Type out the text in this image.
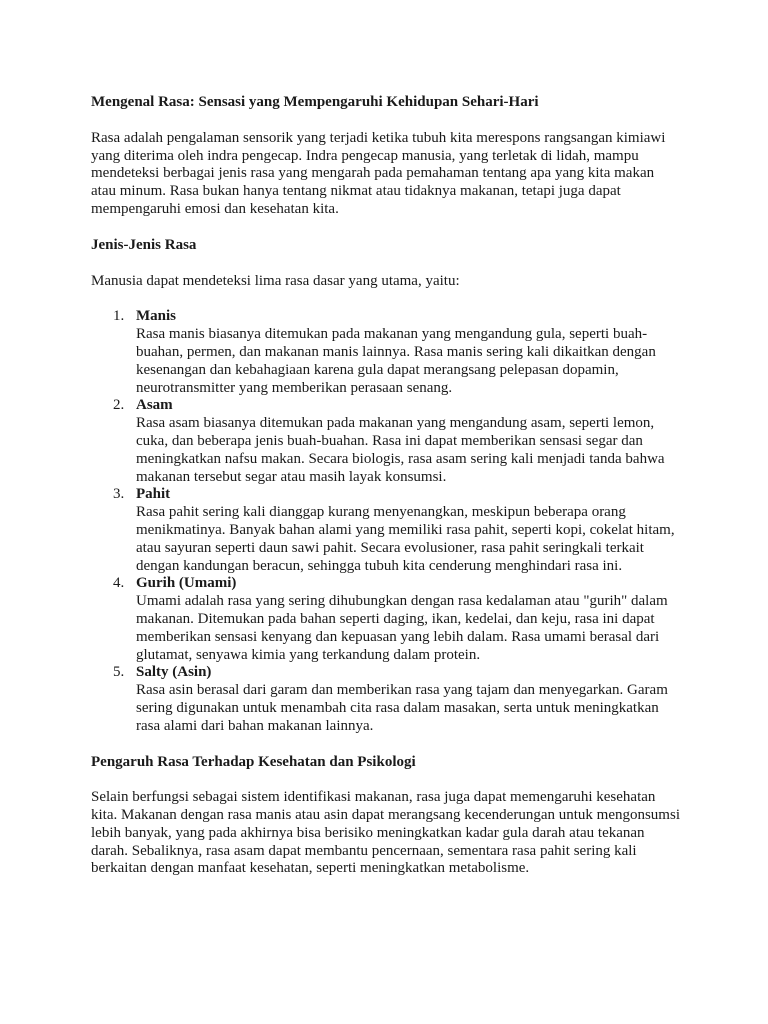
Mengenal Rasa: Sensasi yang Mempengaruhi Kehidupan Sehari-Hari

Rasa adalah pengalaman sensorik yang terjadi ketika tubuh kita merespons rangsangan kimiawi yang diterima oleh indra pengecap. Indra pengecap manusia, yang terletak di lidah, mampu mendeteksi berbagai jenis rasa yang mengarah pada pemahaman tentang apa yang kita makan atau minum. Rasa bukan hanya tentang nikmat atau tidaknya makanan, tetapi juga dapat mempengaruhi emosi dan kesehatan kita.

Jenis-Jenis Rasa

Manusia dapat mendeteksi lima rasa dasar yang utama, yaitu:

1. Manis
Rasa manis biasanya ditemukan pada makanan yang mengandung gula, seperti buah-buahan, permen, dan makanan manis lainnya. Rasa manis sering kali dikaitkan dengan kesenangan dan kebahagiaan karena gula dapat merangsang pelepasan dopamin, neurotransmitter yang memberikan perasaan senang.
2. Asam
Rasa asam biasanya ditemukan pada makanan yang mengandung asam, seperti lemon, cuka, dan beberapa jenis buah-buahan. Rasa ini dapat memberikan sensasi segar dan meningkatkan nafsu makan. Secara biologis, rasa asam sering kali menjadi tanda bahwa makanan tersebut segar atau masih layak konsumsi.
3. Pahit
Rasa pahit sering kali dianggap kurang menyenangkan, meskipun beberapa orang menikmatinya. Banyak bahan alami yang memiliki rasa pahit, seperti kopi, cokelat hitam, atau sayuran seperti daun sawi pahit. Secara evolusioner, rasa pahit seringkali terkait dengan kandungan beracun, sehingga tubuh kita cenderung menghindari rasa ini.
4. Gurih (Umami)
Umami adalah rasa yang sering dihubungkan dengan rasa kedalaman atau "gurih" dalam makanan. Ditemukan pada bahan seperti daging, ikan, kedelai, dan keju, rasa ini dapat memberikan sensasi kenyang dan kepuasan yang lebih dalam. Rasa umami berasal dari glutamat, senyawa kimia yang terkandung dalam protein.
5. Salty (Asin)
Rasa asin berasal dari garam dan memberikan rasa yang tajam dan menyegarkan. Garam sering digunakan untuk menambah cita rasa dalam masakan, serta untuk meningkatkan rasa alami dari bahan makanan lainnya.
Pengaruh Rasa Terhadap Kesehatan dan Psikologi

Selain berfungsi sebagai sistem identifikasi makanan, rasa juga dapat memengaruhi kesehatan kita. Makanan dengan rasa manis atau asin dapat merangsang kecenderungan untuk mengonsumsi lebih banyak, yang pada akhirnya bisa berisiko meningkatkan kadar gula darah atau tekanan darah. Sebaliknya, rasa asam dapat membantu pencernaan, sementara rasa pahit sering kali berkaitan dengan manfaat kesehatan, seperti meningkatkan metabolisme.
